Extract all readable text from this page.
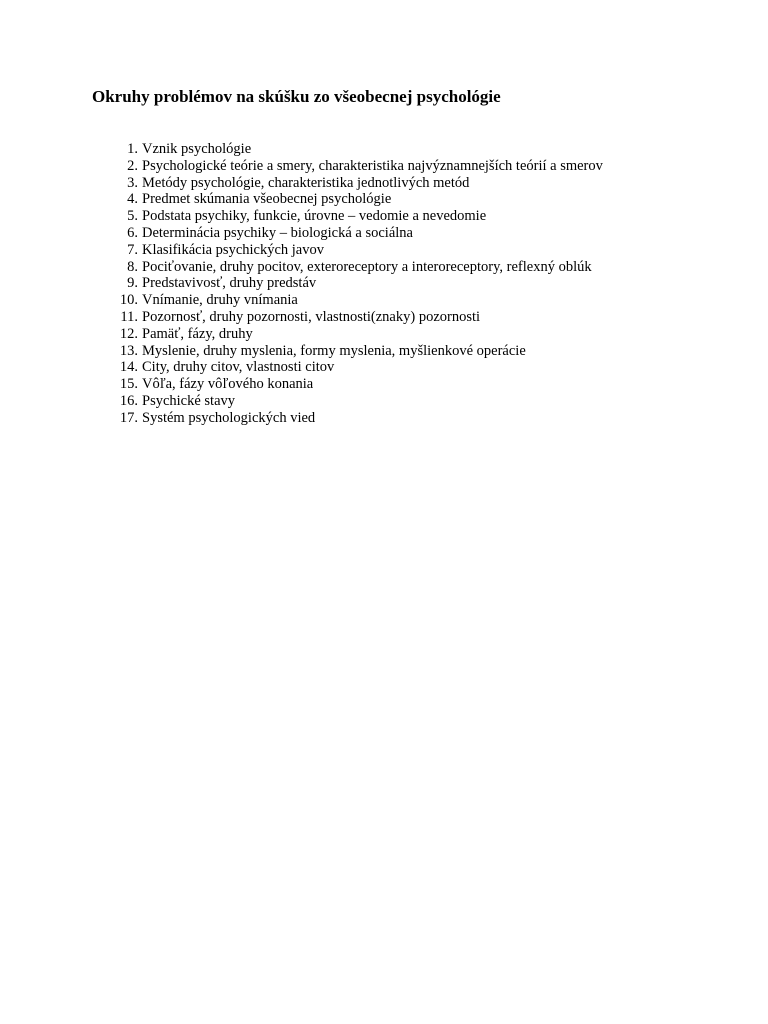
Okruhy problémov na skúšku zo všeobecnej psychológie
1. Vznik psychológie
2. Psychologické teórie a smery, charakteristika najvýznamnejších teórií a smerov
3. Metódy psychológie, charakteristika jednotlivých metód
4. Predmet skúmania všeobecnej psychológie
5. Podstata psychiky, funkcie, úrovne – vedomie a nevedomie
6. Determinácia psychiky – biologická a sociálna
7. Klasifikácia psychických javov
8. Pociťovanie, druhy pocitov, exteroreceptory a interoreceptory, reflexný oblúk
9. Predstavivosť, druhy predstáv
10. Vnímanie, druhy vnímania
11. Pozornosť, druhy pozornosti, vlastnosti(znaky) pozornosti
12. Pamäť, fázy, druhy
13. Myslenie, druhy myslenia, formy myslenia, myšlienkové operácie
14. City, druhy citov, vlastnosti citov
15. Vôľa, fázy vôľového konania
16. Psychické stavy
17. Systém psychologických vied
